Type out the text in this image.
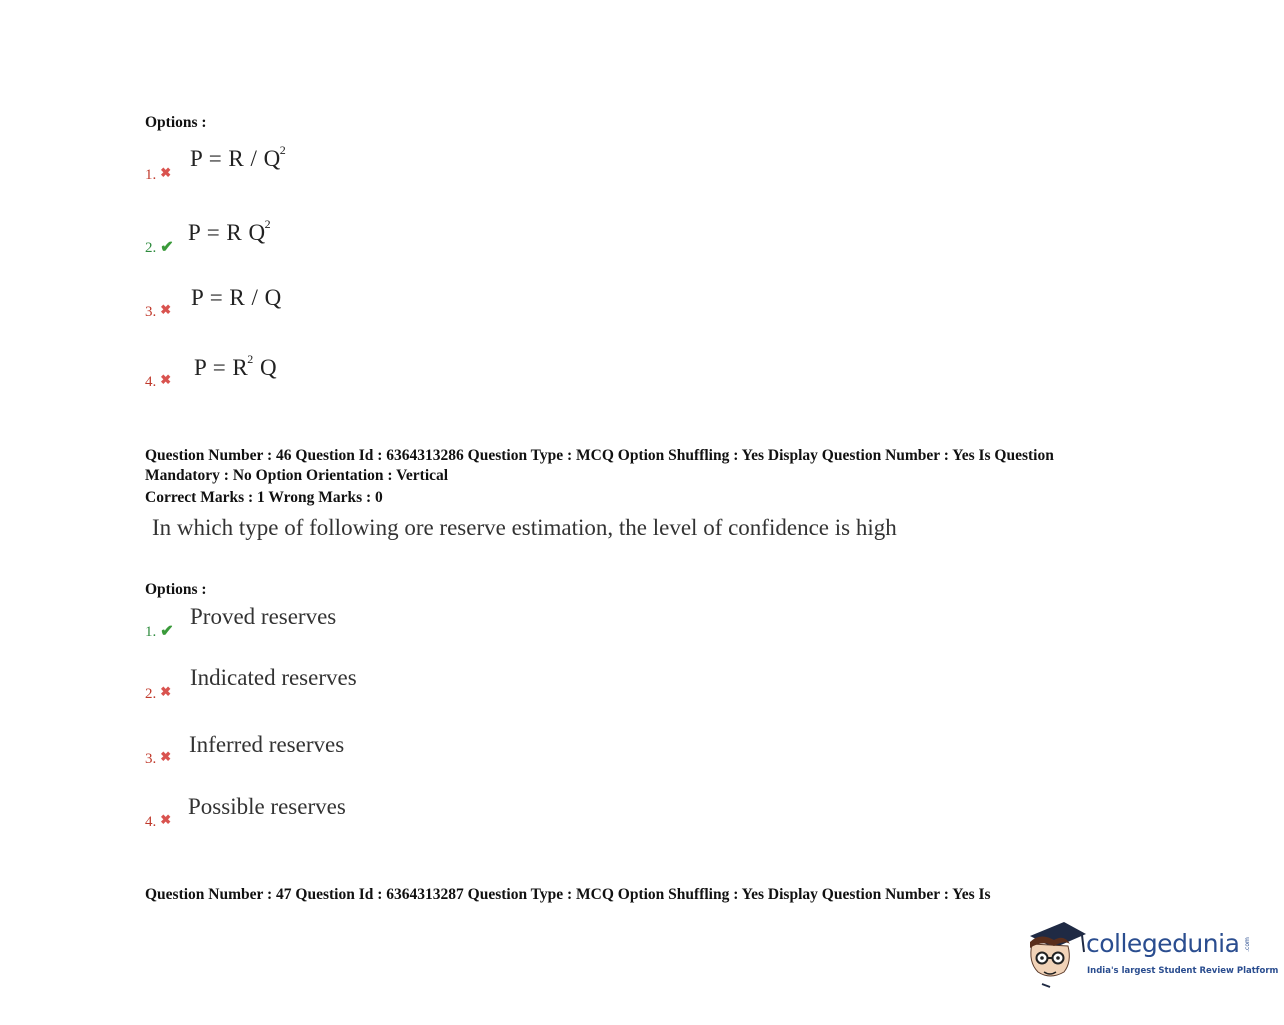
Options :
1. ✖
$P = R / Q^2$
2. ✔
P = R $Q^2$
3. ✖ P = R / Q
4. ✖ $P = R^2$ Q
Question Number : 46 Question Id : 6364313286 Question Type : MCQ Option Shuffling : Yes Display Question Number : Yes Is Question Mandatory : No Option Orientation : Vertical
Correct Marks : 1 Wrong Marks : 0
In which type of following ore reserve estimation, the level of confidence is high
Options :
1. ✔
Proved reserves
2. ✖
Indicated reserves
3. ✖ Inferred reserves
4. ✖
Possible reserves
Question Number : 47 Question Id : 6364313287 Question Type : MCQ Option Shuffling : Yes Display Question Number : Yes Is
collegedunia .com
India's largest Student Review Platform
